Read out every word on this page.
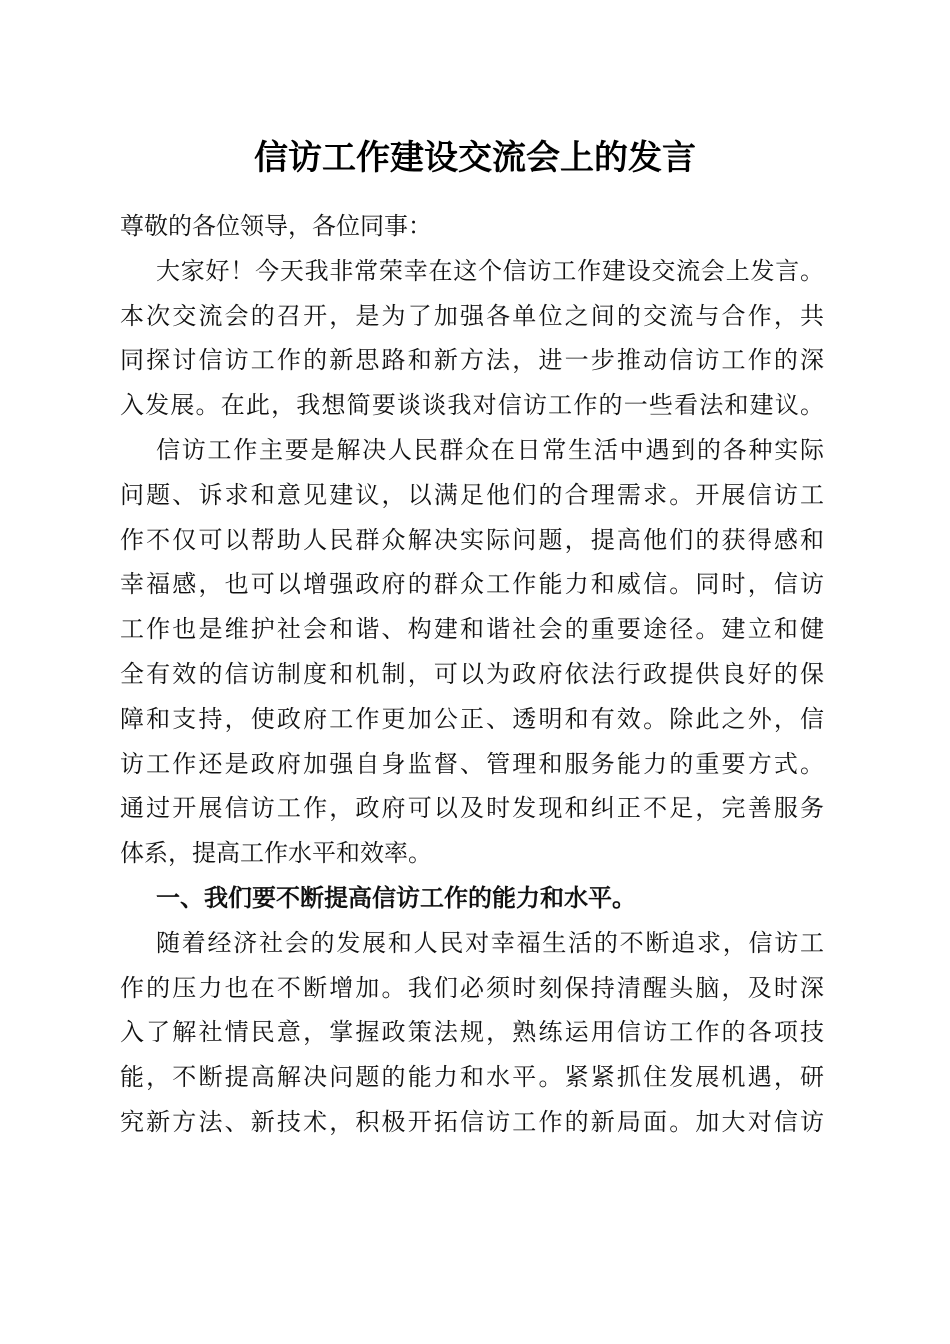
信访工作建设交流会上的发言
尊敬的各位领导，各位同事：
大家好！今天我非常荣幸在这个信访工作建设交流会上发言。
本次交流会的召开，是为了加强各单位之间的交流与合作，共
同探讨信访工作的新思路和新方法，进一步推动信访工作的深
入发展。在此，我想简要谈谈我对信访工作的一些看法和建议。
信访工作主要是解决人民群众在日常生活中遇到的各种实际
问题、诉求和意见建议，以满足他们的合理需求。开展信访工
作不仅可以帮助人民群众解决实际问题，提高他们的获得感和
幸福感，也可以增强政府的群众工作能力和威信。同时，信访
工作也是维护社会和谐、构建和谐社会的重要途径。建立和健
全有效的信访制度和机制，可以为政府依法行政提供良好的保
障和支持，使政府工作更加公正、透明和有效。除此之外，信
访工作还是政府加强自身监督、管理和服务能力的重要方式。
通过开展信访工作，政府可以及时发现和纠正不足，完善服务
体系，提高工作水平和效率。
一、我们要不断提高信访工作的能力和水平。
随着经济社会的发展和人民对幸福生活的不断追求，信访工
作的压力也在不断增加。我们必须时刻保持清醒头脑，及时深
入了解社情民意，掌握政策法规，熟练运用信访工作的各项技
能，不断提高解决问题的能力和水平。紧紧抓住发展机遇，研
究新方法、新技术，积极开拓信访工作的新局面。加大对信访
